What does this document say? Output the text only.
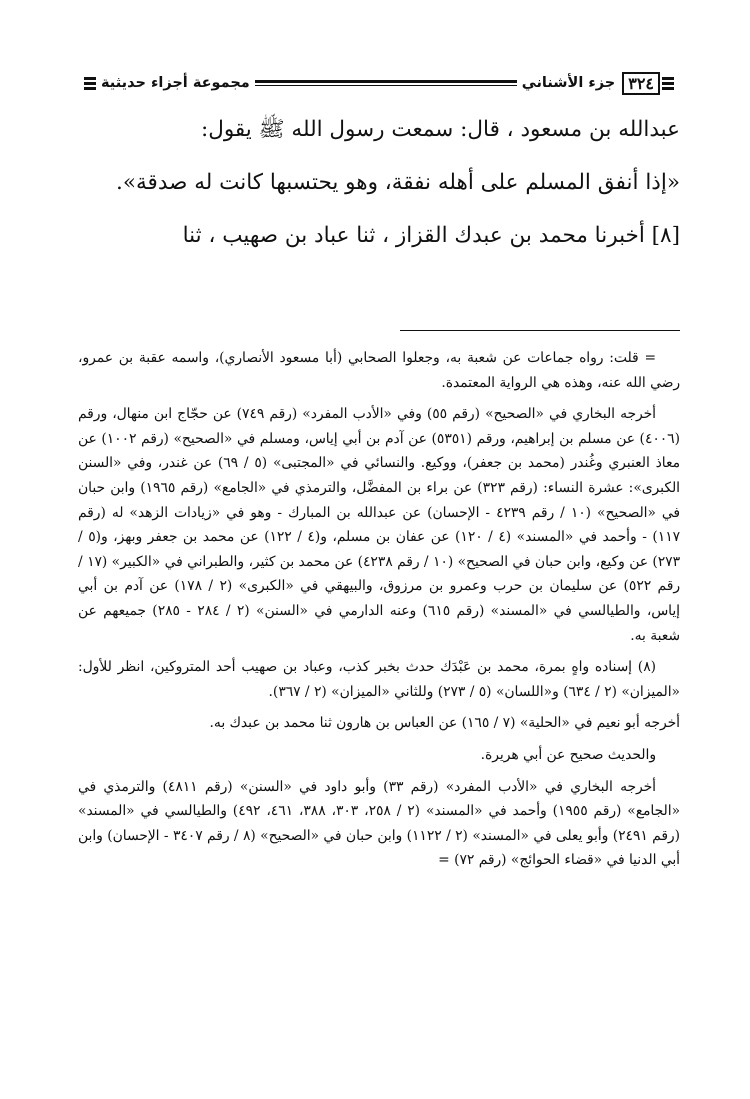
٣٢٤
جزء الأشناني
مجموعة أجزاء حديثية

عبدالله بن مسعود ، قال: سمعت رسول الله ﷺ يقول:

«إذا أنفق المسلم على أهله نفقة، وهو يحتسبها كانت له صدقة».

[٨] أخبرنا محمد بن عبدك القزاز ، ثنا عباد بن صهيب ، ثنا

= قلت: رواه جماعات عن شعبة به، وجعلوا الصحابي (أبا مسعود الأنصاري)، واسمه عقبة بن عمرو، رضي الله عنه، وهذه هي الرواية المعتمدة.

أخرجه البخاري في «الصحيح» (رقم ٥٥) وفي «الأدب المفرد» (رقم ٧٤٩) عن حجّاج ابن منهال، ورقم (٤٠٠٦) عن مسلم بن إبراهيم، ورقم (٥٣٥١) عن آدم بن أبي إياس، ومسلم في «الصحيح» (رقم ١٠٠٢) عن معاذ العنبري وغُندر (محمد بن جعفر)، ووكيع. والنسائي في «المجتبى» (٥ / ٦٩) عن غندر، وفي «السنن الكبرى»: عشرة النساء: (رقم ٣٢٣) عن براء بن المفضَّل، والترمذي في «الجامع» (رقم ١٩٦٥) وابن حبان في «الصحيح» (١٠ / رقم ٤٢٣٩ - الإحسان) عن عبدالله بن المبارك - وهو في «زيادات الزهد» له (رقم ١١٧) - وأحمد في «المسند» (٤ / ١٢٠) عن عفان بن مسلم، و(٤ / ١٢٢) عن محمد بن جعفر وبهز، و(٥ / ٢٧٣) عن وكيع، وابن حبان في الصحيح» (١٠ / رقم ٤٢٣٨) عن محمد بن كثير، والطبراني في «الكبير» (١٧ / رقم ٥٢٢) عن سليمان بن حرب وعمرو بن مرزوق، والبيهقي في «الكبرى» (٢ / ١٧٨) عن آدم بن أبي إياس، والطيالسي في «المسند» (رقم ٦١٥) وعنه الدارمي في «السنن» (٢ / ٢٨٤ - ٢٨٥) جميعهم عن شعبة به.

(٨) إسناده واهٍ بمرة، محمد بن عَبْدَك حدث بخبر كذب، وعباد بن صهيب أحد المتروكين، انظر للأول: «الميزان» (٢ / ٦٣٤) و«اللسان» (٥ / ٢٧٣) وللثاني «الميزان» (٢ / ٣٦٧).

أخرجه أبو نعيم في «الحلية» (٧ / ١٦٥) عن العباس بن هارون ثنا محمد بن عبدك به.

والحديث صحيح عن أبي هريرة.

أخرجه البخاري في «الأدب المفرد» (رقم ٣٣) وأبو داود في «السنن» (رقم ٤٨١١) والترمذي في «الجامع» (رقم ١٩٥٥) وأحمد في «المسند» (٢ / ٢٥٨، ٣٠٣، ٣٨٨، ٤٦١، ٤٩٢) والطيالسي في «المسند» (رقم ٢٤٩١) وأبو يعلى في «المسند» (٢ / ١١٢٢) وابن حبان في «الصحيح» (٨ / رقم ٣٤٠٧ - الإحسان) وابن أبي الدنيا في «قضاء الحوائج» (رقم ٧٢) =
